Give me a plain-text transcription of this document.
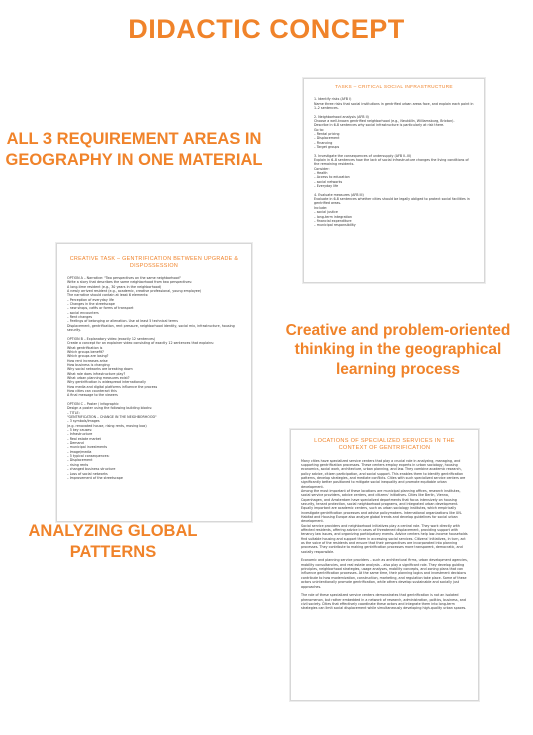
DIDACTIC CONCEPT
ALL 3 REQUIREMENT AREAS IN GEOGRAPHY IN ONE MATERIAL
Creative and problem-oriented thinking in the geographical learning process
ANALYZING GLOBAL PATTERNS
TASKS – CRITICAL SOCIAL INFRASTRUCTURE
1. Identify risks (AFB I)
Name three risks that social institutions in gentrified urban areas face, and explain each point in 1–2 sentences.

2. Neighborhood analysis (AFB II)
Choose a well-known gentrified neighborhood (e.g., Neukölln, Williamsburg, Brixton).
Describe in 6-8 sentences why social infrastructure is particularly at risk there.
Go to:
– Rental pricing
– Displacement
– Financing
– Target groups

3. Investigate the consequences of undersupply (AFB II–III)
Explain in 6–8 sentences how the lack of social infrastructure changes the living conditions of the remaining residents.
Consider:
– Health
– Access to education
– social networks
– Everyday life

4. Evaluate measures (AFB III)
Evaluate in 6-8 sentences whether cities should be legally obliged to protect social facilities in gentrified areas.
Include:
– social justice
– long-term integration
– financial expenditure
– municipal responsibility
CREATIVE TASK – GENTRIFICATION BETWEEN UPGRADE & DISPOSSESSION
OPTION A – Narrative: "Two perspectives on the same neighborhood"
Write a story that describes the same neighborhood from two perspectives:
A long-time resident (e.g., 30 years in the neighborhood)
A newly arrived resident (e.g., academic, creative professional, young employee)
The narrative should contain at least 6 elements:
– Perception of everyday life
– Changes in the streetscape
– new shops, cafés or forms of transport
– social encounters
– Rent changes
– Feelings of belonging or alienation. Use at least 5 technical terms
Displacement, gentrification, rent pressure, neighborhood identity, social mix, infrastructure, housing security.

OPTION B – Explanatory video (exactly 12 sentences)
Create a concept for an explainer video consisting of exactly 12 sentences that explains:
What gentrification is
Which groups benefit?
Which groups are losing?
How rent increases arise
How business is changing
Why social networks are breaking down
What role does infrastructure play?
What urban planning measures exist?
Why gentrification is widespread internationally
How media and digital platforms influence the process
How cities can counteract this
A final message to the viewers

OPTION C – Poster / infographic
Design a poster using the following building blocks:
– TITLE:
"GENTRIFICATION – CHANGE IN THE NEIGHBORHOOD"
– 3 symbols/images
(e.g. renovated house, rising rents, moving box)
– 5 key causes:
– Infrastructure
– Real estate market
– Demand
– municipal investments
– Image/media
– 5 typical consequences:
– Displacement
– rising rents
– changed business structure
– Loss of social networks
– Improvement of the streetscape
LOCATIONS OF SPECIALIZED SERVICES IN THE CONTEXT OF GENTRIFICATION
Many cities have specialized service centers that play a crucial role in analyzing, managing, and supporting gentrification processes. These centers employ experts in urban sociology, housing economics, social work, architecture, urban planning, and law. They combine academic research, policy advice, citizen participation, and social support. This enables them to identify gentrification patterns, develop strategies, and mediate conflicts. Cities with such specialized service centers are significantly better positioned to mitigate social inequality and promote equitable urban development.
Among the most important of these locations are municipal planning offices, research institutes, social service providers, advice centers, and citizens' initiatives. Cities like Berlin, Vienna, Copenhagen, and Amsterdam have specialized departments that focus intensively on housing security, tenant protection, social neighborhood programs, and integrated urban development. Equally important are academic centers, such as urban sociology institutes, which empirically investigate gentrification processes and advise policymakers. International organizations like UN-Habitat and Housing Europe also analyze global trends and develop guidelines for social urban development.
Social service providers and neighborhood initiatives play a central role. They work directly with affected residents, offering advice in cases of threatened displacement, providing support with tenancy law issues, and organizing participatory events. Advice centers help low-income households find suitable housing and support them in accessing social services. Citizens' initiatives, in turn, act as the voice of the residents and ensure that their perspectives are incorporated into planning processes. They contribute to making gentrification processes more transparent, democratic, and socially responsible.

Economic and planning service providers – such as architectural firms, urban development agencies, mobility consultancies, and real estate analysts – also play a significant role. They develop guiding principles, neighborhood strategies, usage analyses, mobility concepts, and zoning plans that can influence gentrification processes. At the same time, their planning logics and investment decisions contribute to how modernization, construction, marketing, and regulation take place. Some of these actors unintentionally promote gentrification, while others develop sustainable and socially just approaches.

The role of these specialized service centers demonstrates that gentrification is not an isolated phenomenon, but rather embedded in a network of research, administration, politics, business, and civil society. Cities that effectively coordinate these actors and integrate them into long-term strategies can limit social displacement while simultaneously developing high-quality urban spaces.
